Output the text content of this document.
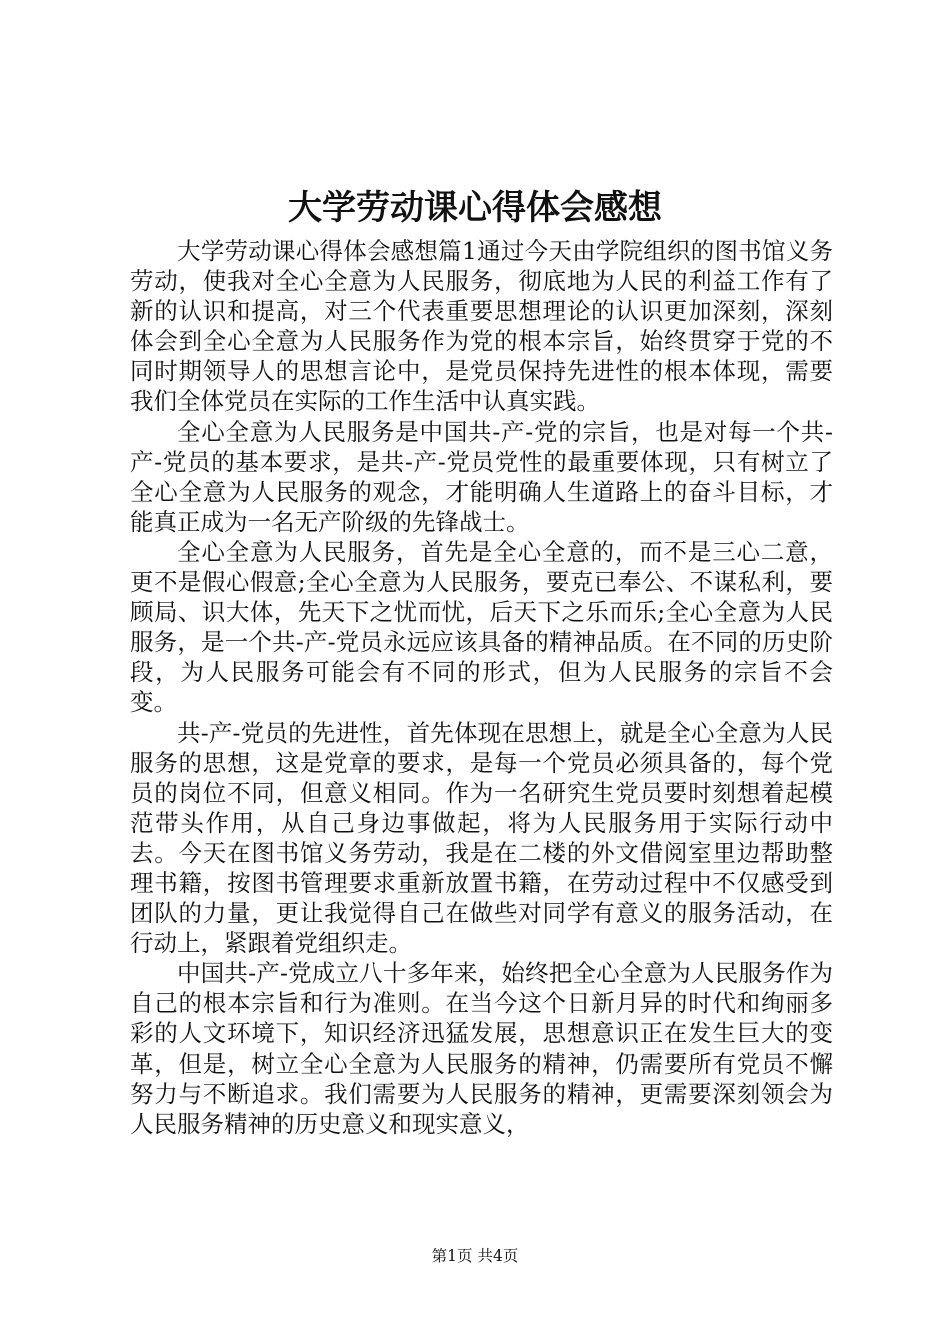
大学劳动课心得体会感想

大学劳动课心得体会感想篇1通过今天由学院组织的图书馆义务劳动，使我对全心全意为人民服务，彻底地为人民的利益工作有了新的认识和提高，对三个代表重要思想理论的认识更加深刻，深刻体会到全心全意为人民服务作为党的根本宗旨，始终贯穿于党的不同时期领导人的思想言论中，是党员保持先进性的根本体现，需要我们全体党员在实际的工作生活中认真实践。

全心全意为人民服务是中国共-产-党的宗旨，也是对每一个共-产-党员的基本要求，是共-产-党员党性的最重要体现，只有树立了全心全意为人民服务的观念，才能明确人生道路上的奋斗目标，才能真正成为一名无产阶级的先锋战士。

全心全意为人民服务，首先是全心全意的，而不是三心二意，更不是假心假意;全心全意为人民服务，要克已奉公、不谋私利，要顾局、识大体，先天下之忧而忧，后天下之乐而乐;全心全意为人民服务，是一个共-产-党员永远应该具备的精神品质。在不同的历史阶段，为人民服务可能会有不同的形式，但为人民服务的宗旨不会变。

共-产-党员的先进性，首先体现在思想上，就是全心全意为人民服务的思想，这是党章的要求，是每一个党员必须具备的，每个党员的岗位不同，但意义相同。作为一名研究生党员要时刻想着起模范带头作用，从自己身边事做起，将为人民服务用于实际行动中去。今天在图书馆义务劳动，我是在二楼的外文借阅室里边帮助整理书籍，按图书管理要求重新放置书籍，在劳动过程中不仅感受到团队的力量，更让我觉得自己在做些对同学有意义的服务活动，在行动上，紧跟着党组织走。

中国共-产-党成立八十多年来，始终把全心全意为人民服务作为自己的根本宗旨和行为准则。在当今这个日新月异的时代和绚丽多彩的人文环境下，知识经济迅猛发展，思想意识正在发生巨大的变革，但是，树立全心全意为人民服务的精神，仍需要所有党员不懈努力与不断追求。我们需要为人民服务的精神，更需要深刻领会为人民服务精神的历史意义和现实意义，

第1页 共4页
